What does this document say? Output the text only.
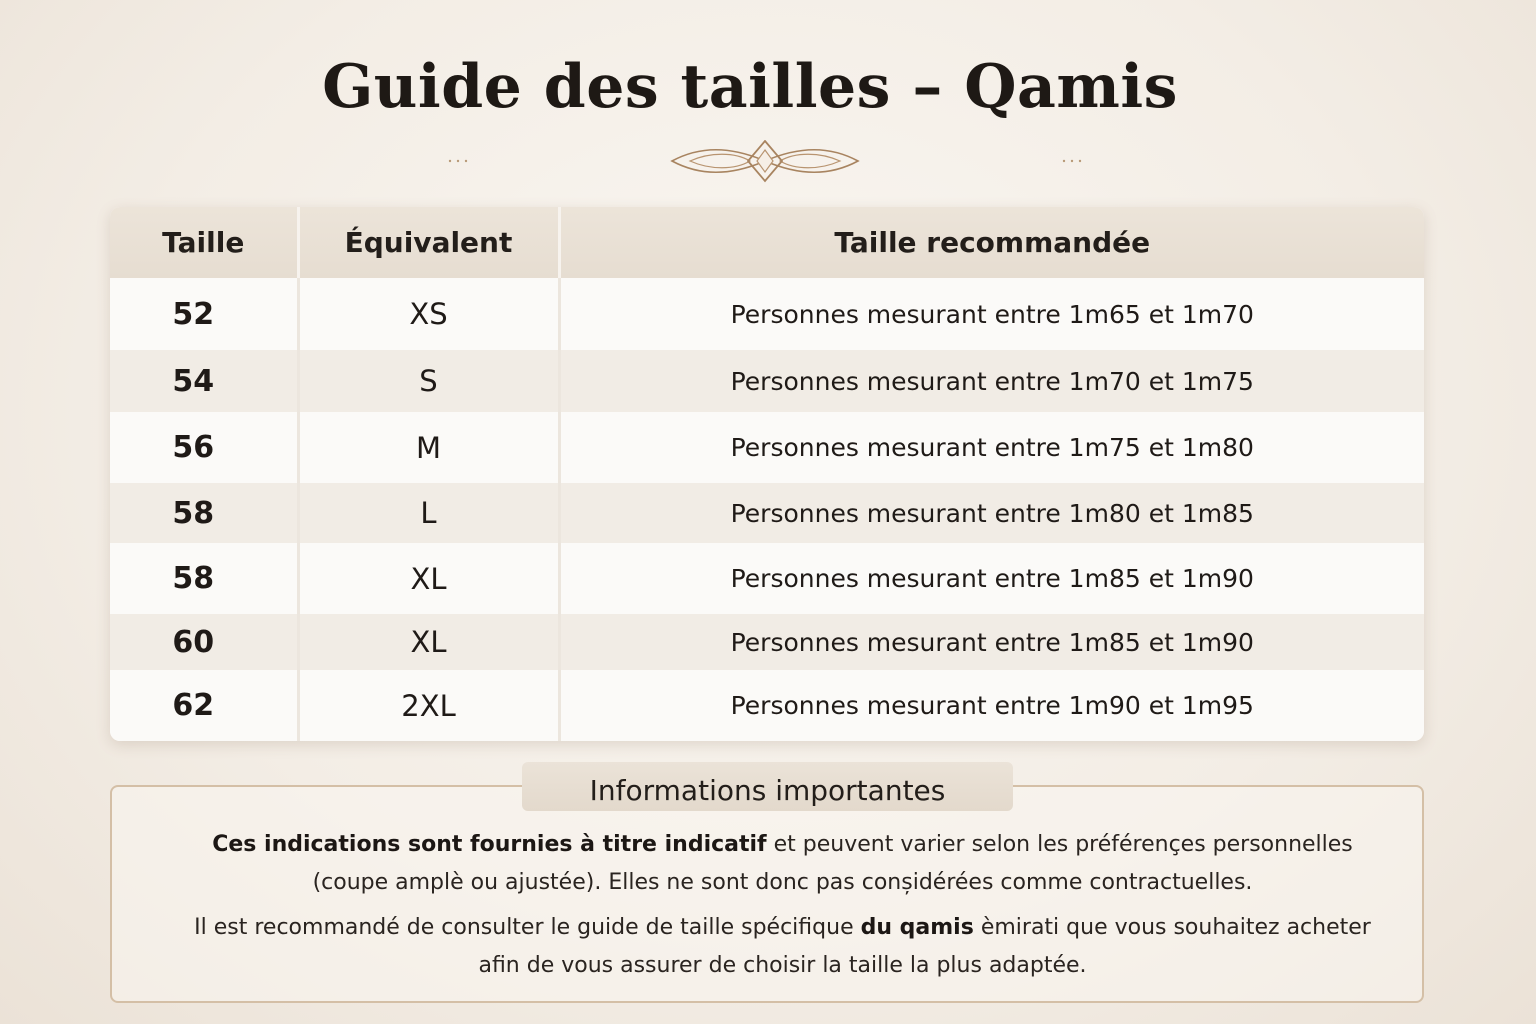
Guide des tailles – Qamis
Taille	Équivalent	Taille recommandée
52	XS	Personnes mesurant entre 1m65 et 1m70
54	S	Personnes mesurant entre 1m70 et 1m75
56	M	Personnes mesurant entre 1m75 et 1m80
58	L	Personnes mesurant entre 1m80 et 1m85
58	XL	Personnes mesurant entre 1m85 et 1m90
60	XL	Personnes mesurant entre 1m85 et 1m90
62	2XL	Personnes mesurant entre 1m90 et 1m95
Informations importantes

Ces indications sont fournies à titre indicatif et peuvent varier selon les préférençes personnelles (coupe amplè ou ajustée). Elles ne sont donc pas conșidérées comme contractuelles.

Il est recommandé de consulter le guide de taille spécifique du qamis èmirati que vous souhaitez acheter afin de vous assurer de choisir la taille la plus adaptée.
